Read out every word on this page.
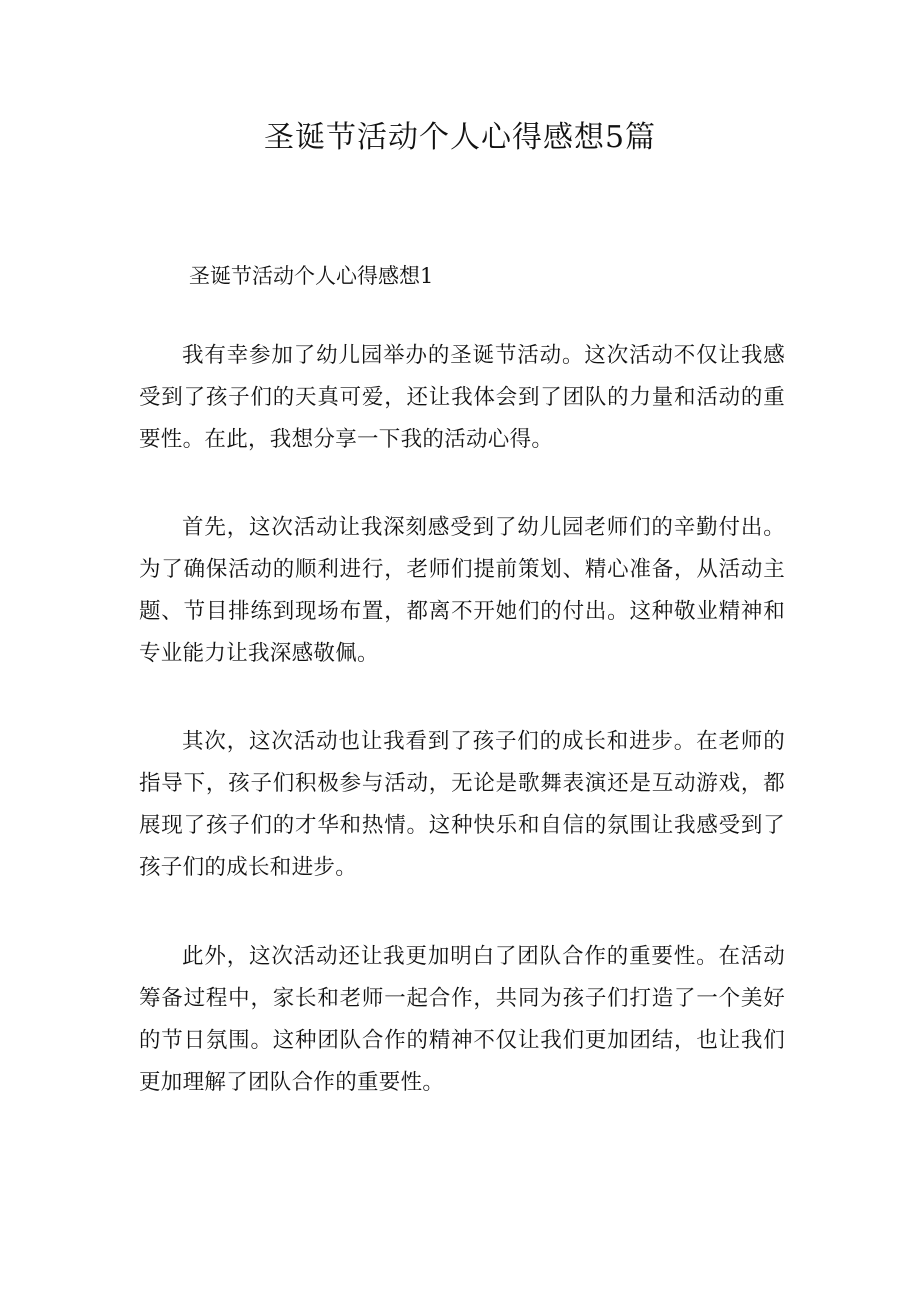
圣诞节活动个人心得感想5篇
圣诞节活动个人心得感想1

我有幸参加了幼儿园举办的圣诞节活动。这次活动不仅让我感受到了孩子们的天真可爱，还让我体会到了团队的力量和活动的重要性。在此，我想分享一下我的活动心得。

首先，这次活动让我深刻感受到了幼儿园老师们的辛勤付出。为了确保活动的顺利进行，老师们提前策划、精心准备，从活动主题、节目排练到现场布置，都离不开她们的付出。这种敬业精神和专业能力让我深感敬佩。

其次，这次活动也让我看到了孩子们的成长和进步。在老师的指导下，孩子们积极参与活动，无论是歌舞表演还是互动游戏，都展现了孩子们的才华和热情。这种快乐和自信的氛围让我感受到了孩子们的成长和进步。

此外，这次活动还让我更加明白了团队合作的重要性。在活动筹备过程中，家长和老师一起合作，共同为孩子们打造了一个美好的节日氛围。这种团队合作的精神不仅让我们更加团结，也让我们更加理解了团队合作的重要性。
